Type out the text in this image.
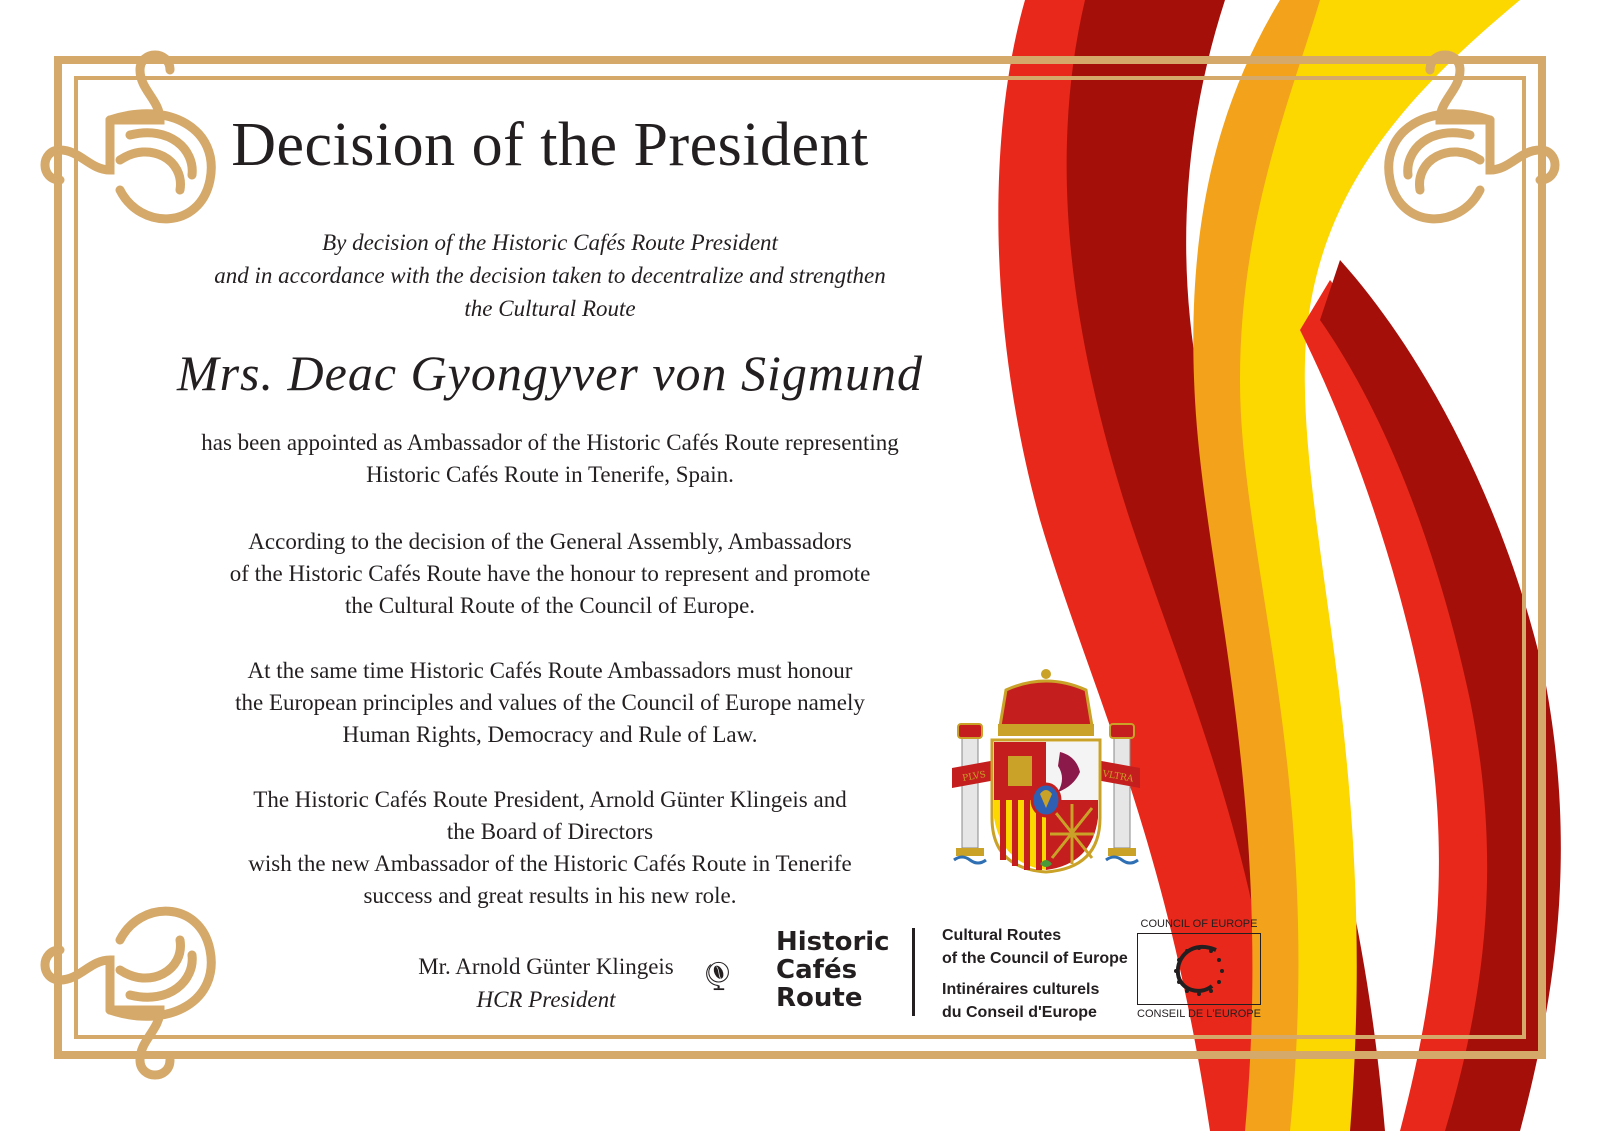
Decision of the President
By decision of the Historic Cafés Route President
and in accordance with the decision taken to decentralize and strengthen
the Cultural Route
Mrs. Deac Gyongyver von Sigmund
has been appointed as Ambassador of the Historic Cafés Route representing
Historic Cafés Route in Tenerife, Spain.
According to the decision of the General Assembly, Ambassadors
of the Historic Cafés Route have the honour to represent and promote
the Cultural Route of the Council of Europe.
At the same time Historic Cafés Route Ambassadors must honour
the European principles and values of the Council of Europe namely
Human Rights, Democracy and Rule of Law.
The Historic Cafés Route President, Arnold Günter Klingeis and
the Board of Directors
wish the new Ambassador of the Historic Cafés Route in Tenerife
success and great results in his new role.
Mr. Arnold Günter Klingeis
HCR President
Historic
Cafés
Route
Cultural Routes
of the Council of Europe
Intinéraires culturels
du Conseil d'Europe
COUNCIL OF EUROPE
CONSEIL DE L'EUROPE
PLVS	VLTRA
